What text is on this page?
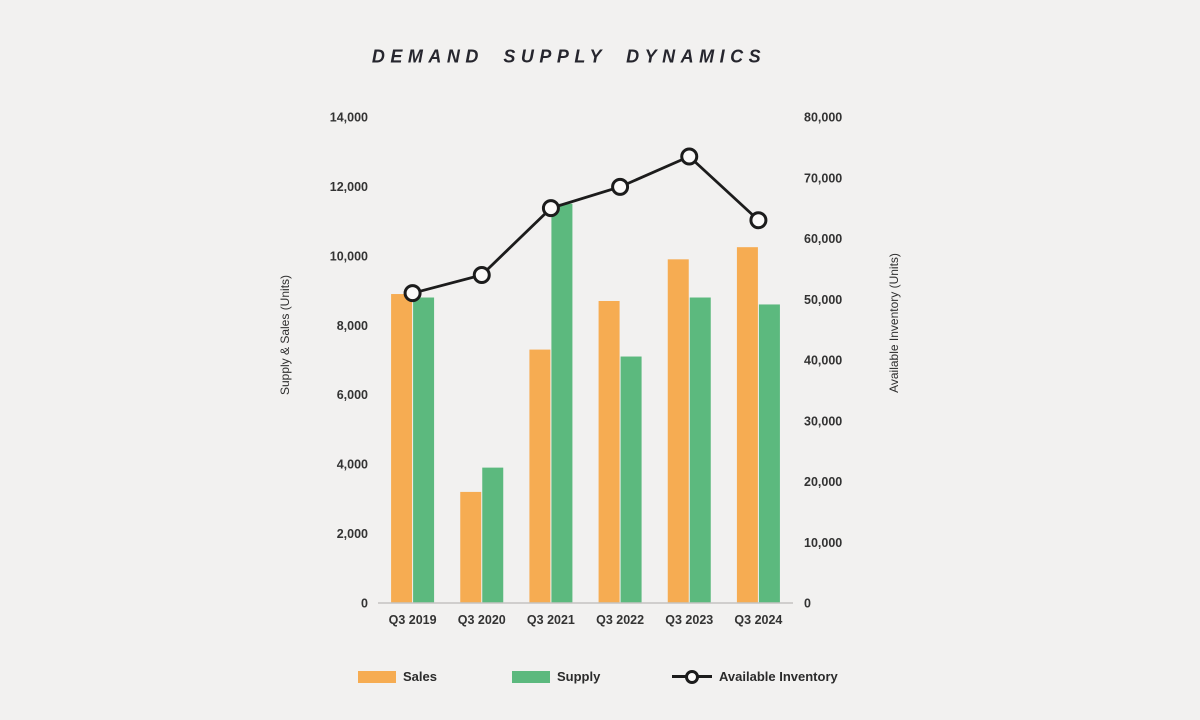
DEMAND SUPPLY DYNAMICS
Supply & Sales (Units)	Available Inventory (Units)
0
2,000
4,000
6,000
8,000
10,000
12,000
14,000
0
10,000
20,000
30,000
40,000
50,000
60,000
70,000
80,000
Q3 2019 Q3 2020 Q3 2021 Q3 2022 Q3 2023 Q3 2024
Sales	Supply	Available Inventory
